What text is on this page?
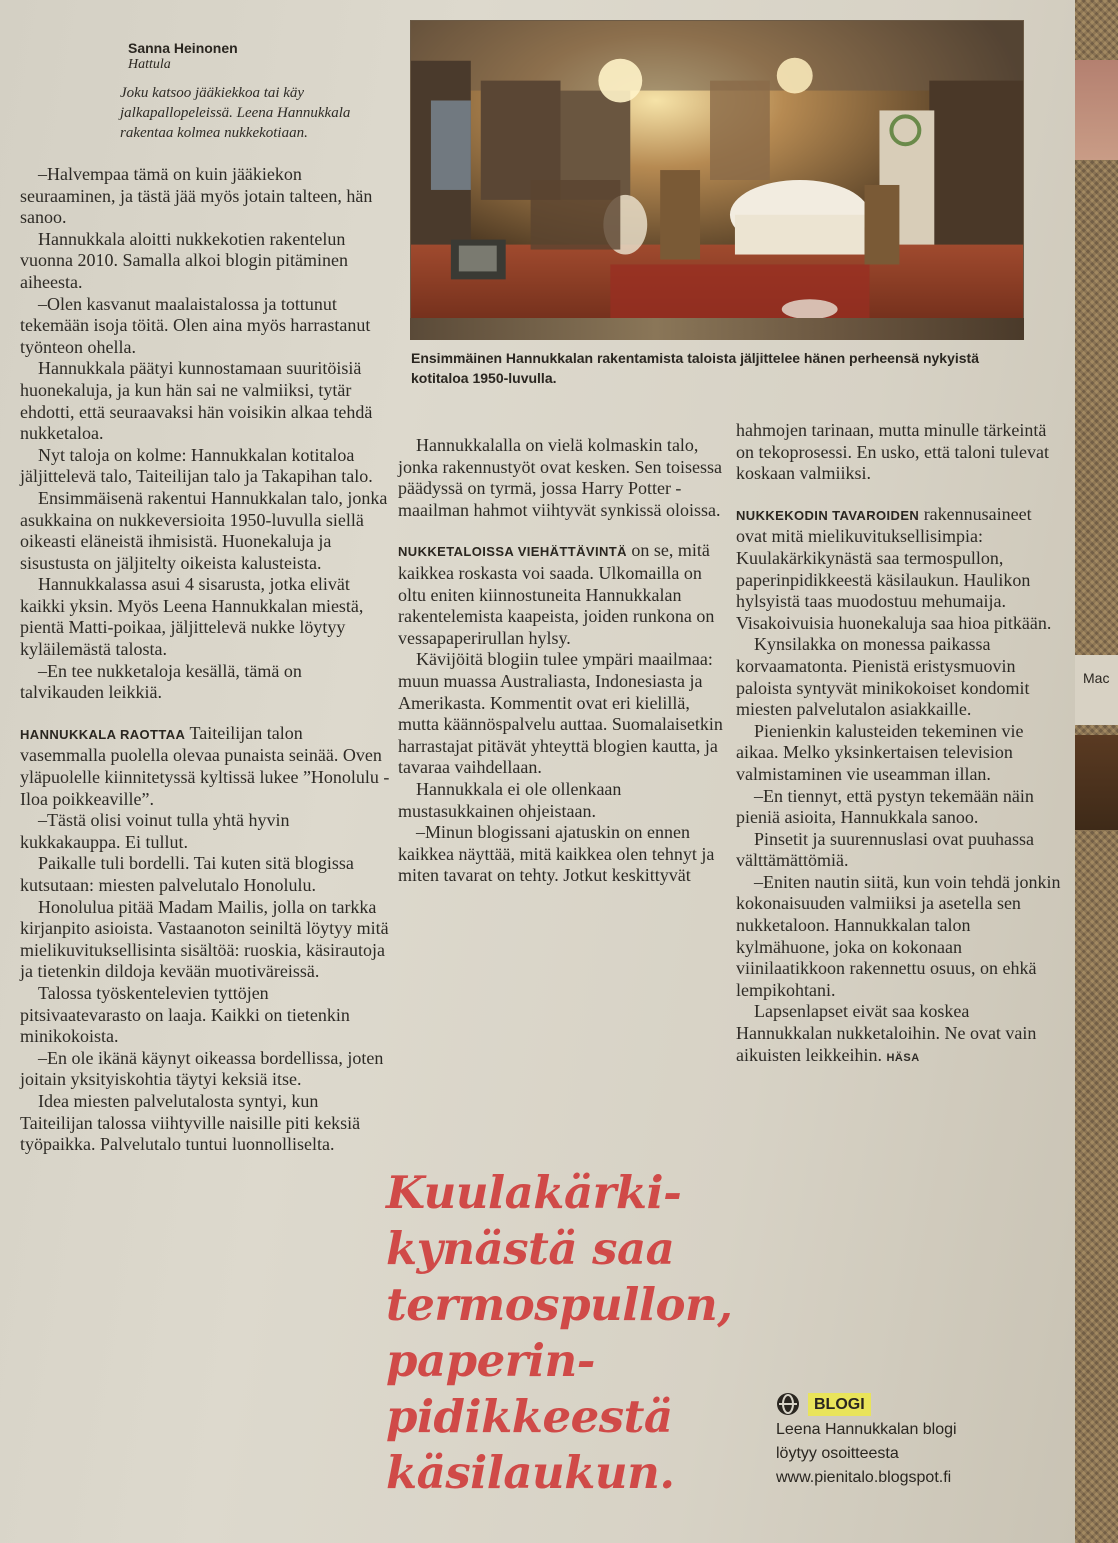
Sanna Heinonen
Hattula
Joku katsoo jääkiekkoa tai käy jalkapallopeleissä. Leena Hannukkala rakentaa kolmea nukkekotiaan.

–Halvempaa tämä on kuin jääkiekon seuraaminen, ja tästä jää myös jotain talteen, hän sanoo.

Hannukkala aloitti nukkekotien rakentelun vuonna 2010. Samalla alkoi blogin pitäminen aiheesta.

–Olen kasvanut maalaistalossa ja tottunut tekemään isoja töitä. Olen aina myös harrastanut työnteon ohella.

Hannukkala päätyi kunnostamaan suuritöisiä huonekaluja, ja kun hän sai ne valmiiksi, tytär ehdotti, että seuraavaksi hän voisikin alkaa tehdä nukketaloa.

Nyt taloja on kolme: Hannukkalan kotitaloa jäljittelevä talo, Taiteilijan talo ja Takapihan talo.

Ensimmäisenä rakentui Hannukkalan talo, jonka asukkaina on nukkeversioita 1950-luvulla siellä oikeasti eläneistä ihmisistä. Huonekaluja ja sisustusta on jäljitelty oikeista kalusteista.

Hannukkalassa asui 4 sisarusta, jotka elivät kaikki yksin. Myös Leena Hannukkalan miestä, pientä Matti-poikaa, jäljittelevä nukke löytyy kyläilemästä talosta.

–En tee nukketaloja kesällä, tämä on talvikauden leikkiä.

HANNUKKALA RAOTTAA Taiteilijan talon vasemmalla puolella olevaa punaista seinää. Oven yläpuolelle kiinnitetyssä kyltissä lukee ”Honolulu - Iloa poikkeaville”.

–Tästä olisi voinut tulla yhtä hyvin kukkakauppa. Ei tullut.

Paikalle tuli bordelli. Tai kuten sitä blogissa kutsutaan: miesten palvelutalo Honolulu.

Honolulua pitää Madam Mailis, jolla on tarkka kirjanpito asioista. Vastaanoton seiniltä löytyy mitä mielikuvituksellisinta sisältöä: ruoskia, käsirautoja ja tietenkin dildoja kevään muotiväreissä.

Talossa työskentelevien tyttöjen pitsivaatevarasto on laaja. Kaikki on tietenkin minikokoista.

–En ole ikänä käynyt oikeassa bordellissa, joten joitain yksityiskohtia täytyi keksiä itse.

Idea miesten palvelutalosta syntyi, kun Taiteilijan talossa viihtyville naisille piti keksiä työpaikka. Palvelutalo tuntui luonnolliselta.

Ensimmäinen Hannukkalan rakentamista taloista jäljittelee hänen perheensä nykyistä kotitaloa 1950-luvulla.

Hannukkalalla on vielä kolmaskin talo, jonka rakennustyöt ovat kesken. Sen toisessa päädyssä on tyrmä, jossa Harry Potter -maailman hahmot viihtyvät synkissä oloissa.

NUKKETALOISSA VIEHÄTTÄVINTÄ on se, mitä kaikkea roskasta voi saada. Ulkomailla on oltu eniten kiinnostuneita Hannukkalan rakentelemista kaapeista, joiden runkona on vessapaperirullan hylsy.

Kävijöitä blogiin tulee ympäri maailmaa: muun muassa Australiasta, Indonesiasta ja Amerikasta. Kommentit ovat eri kielillä, mutta käännöspalvelu auttaa. Suomalaisetkin harrastajat pitävät yhteyttä blogien kautta, ja tavaraa vaihdellaan.

Hannukkala ei ole ollenkaan mustasukkainen ohjeistaan.

–Minun blogissani ajatuskin on ennen kaikkea näyttää, mitä kaikkea olen tehnyt ja miten tavarat on tehty. Jotkut keskittyvät

hahmojen tarinaan, mutta minulle tärkeintä on tekoprosessi. En usko, että taloni tulevat koskaan valmiiksi.

NUKKEKODIN TAVAROIDEN rakennusaineet ovat mitä mielikuvituksellisimpia: Kuulakärkikynästä saa termospullon, paperinpidikkeestä käsilaukun. Haulikon hylsyistä taas muodostuu mehumaija. Visakoivuisia huonekaluja saa hioa pitkään.

Kynsilakka on monessa paikassa korvaamatonta. Pienistä eristysmuovin paloista syntyvät minikokoiset kondomit miesten palvelutalon asiakkaille.

Pienienkin kalusteiden tekeminen vie aikaa. Melko yksinkertaisen television valmistaminen vie useamman illan.

–En tiennyt, että pystyn tekemään näin pieniä asioita, Hannukkala sanoo.

Pinsetit ja suurennuslasi ovat puuhassa välttämättömiä.

–Eniten nautin siitä, kun voin tehdä jonkin kokonaisuuden valmiiksi ja asetella sen nukketaloon. Hannukkalan talon kylmähuone, joka on kokonaan viinilaatikkoon rakennettu osuus, on ehkä lempikohtani.

Lapsenlapset eivät saa koskea Hannukkalan nukketaloihin. Ne ovat vain aikuisten leikkeihin. HÄSA

Kuulakärki-kynästä saa termospullon, paperin-pidikkeestä käsilaukun.
BLOGI
Leena Hannukkalan blogi
löytyy osoitteesta
www.pienitalo.blogspot.fi
Mac
